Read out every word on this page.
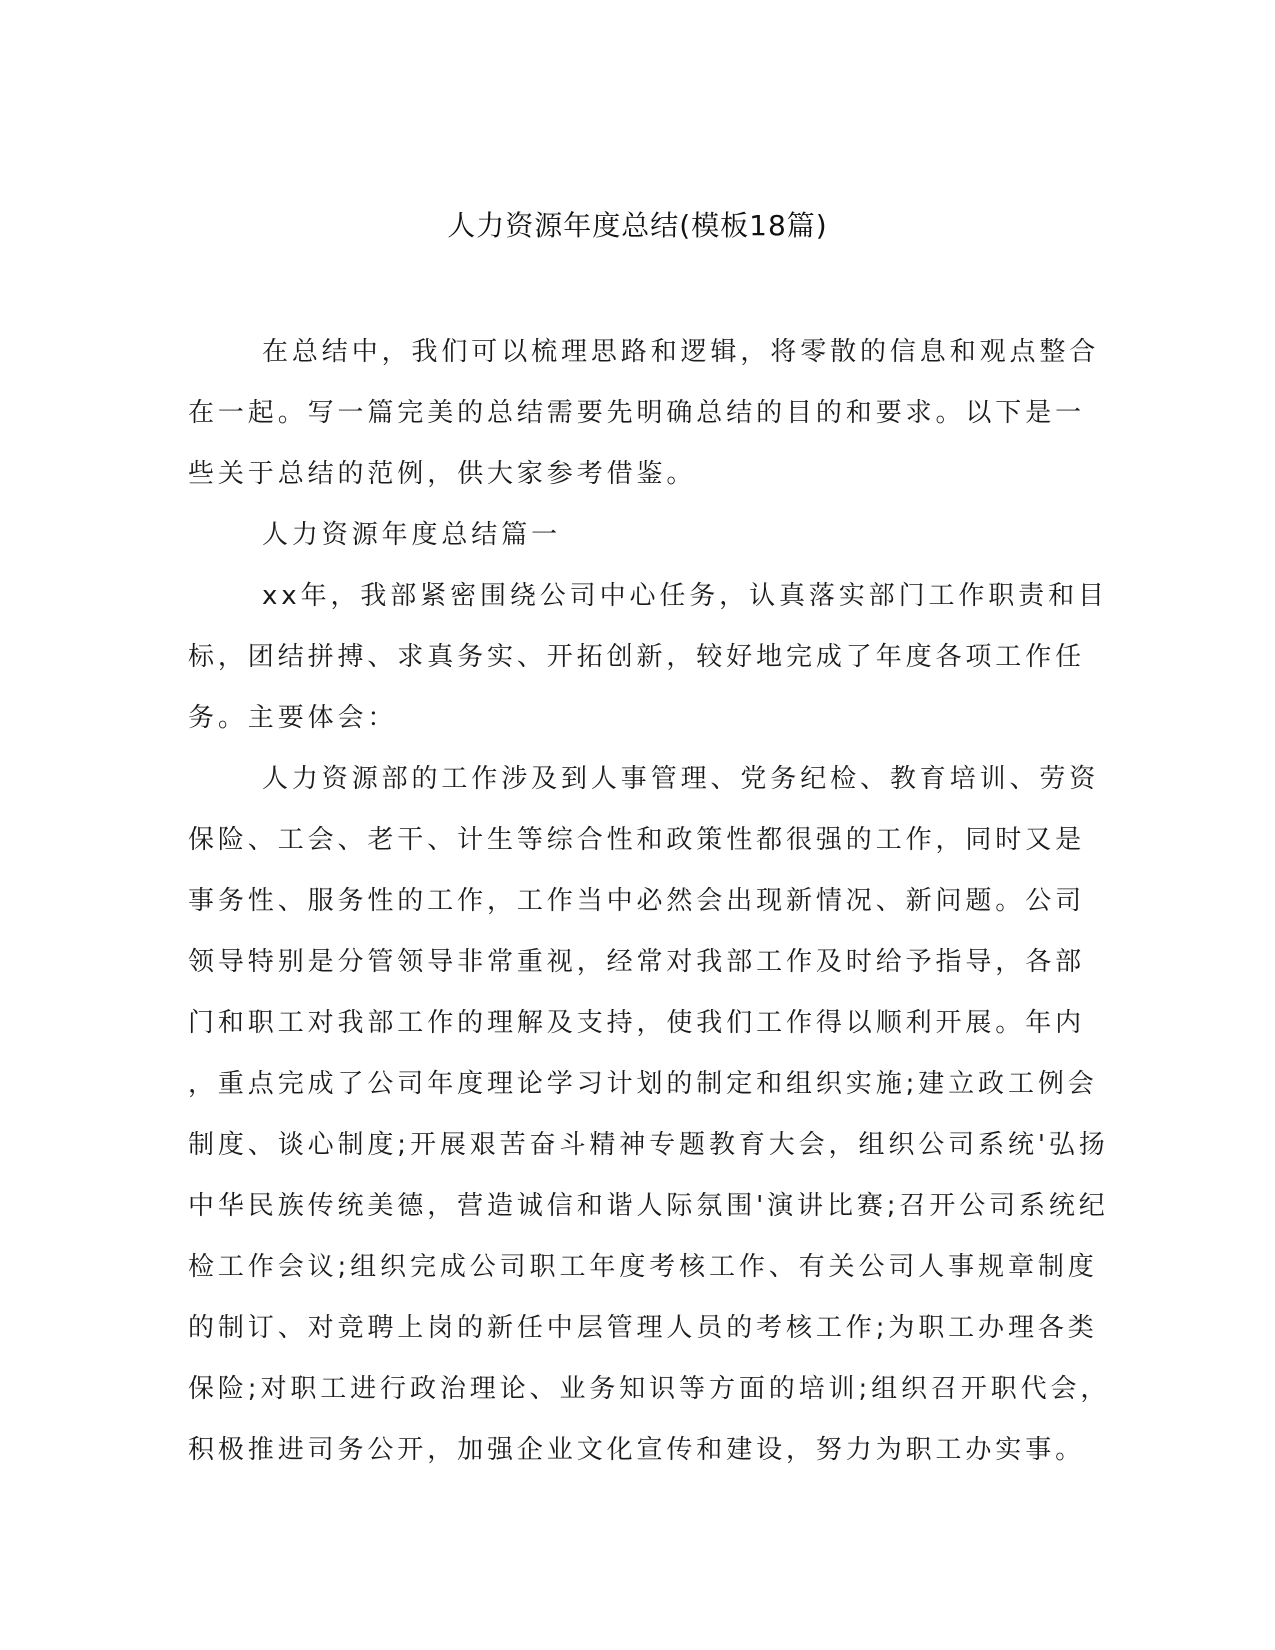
人力资源年度总结(模板18篇)
在总结中，我们可以梳理思路和逻辑，将零散的信息和观点整合
在一起。写一篇完美的总结需要先明确总结的目的和要求。以下是一
些关于总结的范例，供大家参考借鉴。
人力资源年度总结篇一
xx年，我部紧密围绕公司中心任务，认真落实部门工作职责和目
标，团结拼搏、求真务实、开拓创新，较好地完成了年度各项工作任
务。主要体会：
人力资源部的工作涉及到人事管理、党务纪检、教育培训、劳资
保险、工会、老干、计生等综合性和政策性都很强的工作，同时又是
事务性、服务性的工作，工作当中必然会出现新情况、新问题。公司
领导特别是分管领导非常重视，经常对我部工作及时给予指导，各部
门和职工对我部工作的理解及支持，使我们工作得以顺利开展。年内
，重点完成了公司年度理论学习计划的制定和组织实施;建立政工例会
制度、谈心制度;开展艰苦奋斗精神专题教育大会，组织公司系统'弘扬
中华民族传统美德，营造诚信和谐人际氛围'演讲比赛;召开公司系统纪
检工作会议;组织完成公司职工年度考核工作、有关公司人事规章制度
的制订、对竞聘上岗的新任中层管理人员的考核工作;为职工办理各类
保险;对职工进行政治理论、业务知识等方面的培训;组织召开职代会，
积极推进司务公开，加强企业文化宣传和建设，努力为职工办实事。
